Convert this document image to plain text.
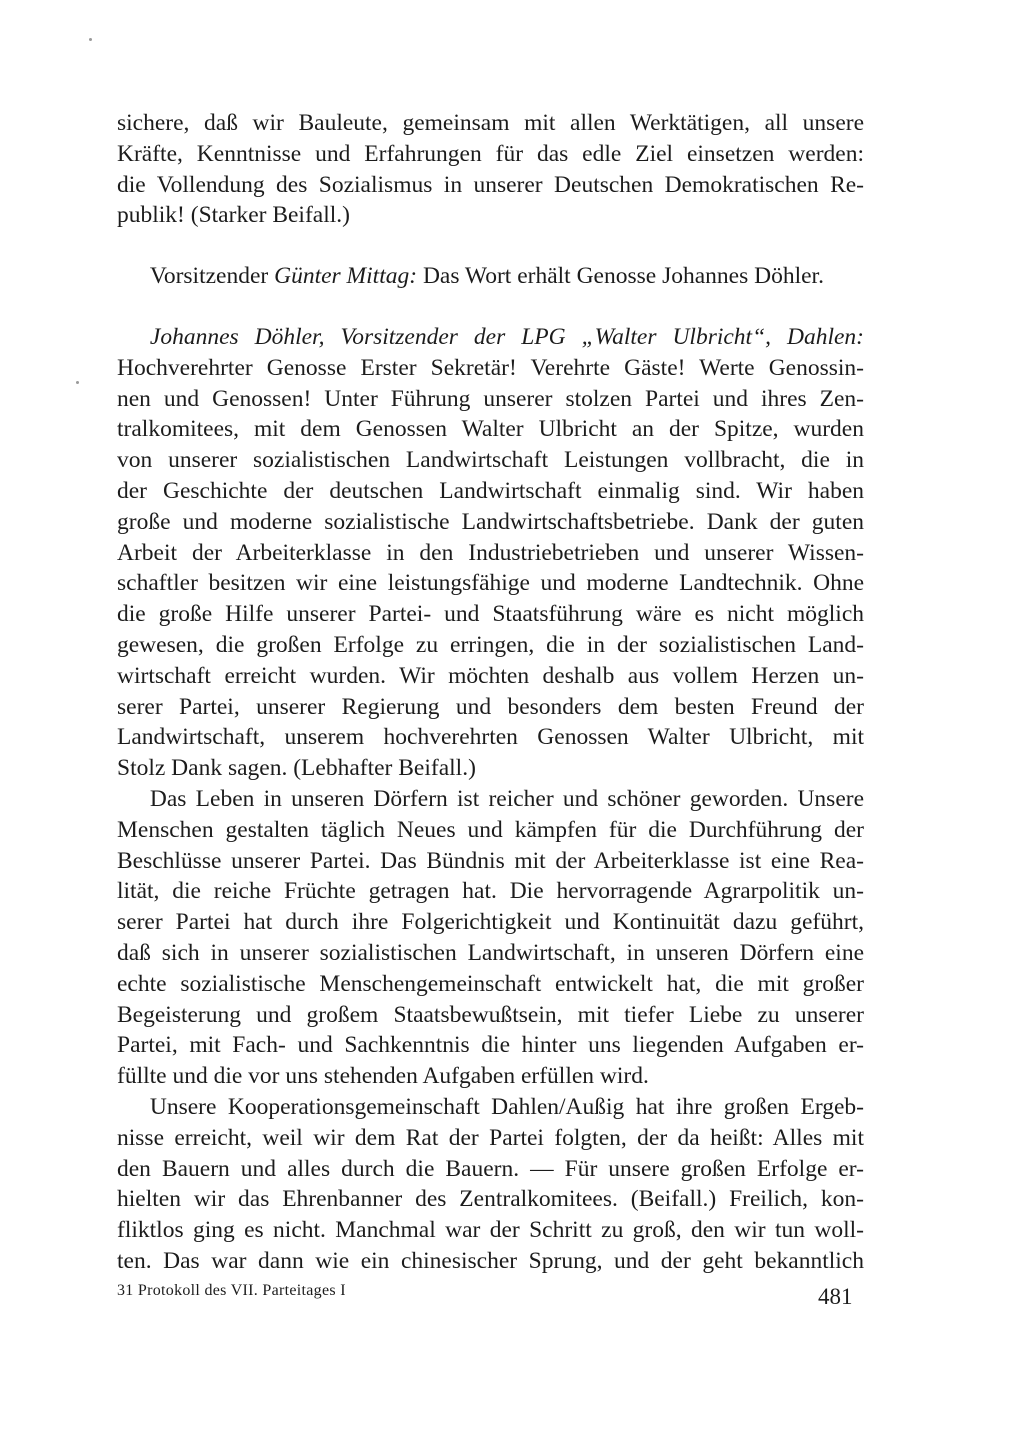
sichere, daß wir Bauleute, gemeinsam mit allen Werktätigen, all unsere
Kräfte, Kenntnisse und Erfahrungen für das edle Ziel einsetzen werden:
die Vollendung des Sozialismus in unserer Deutschen Demokratischen Re-
publik! (Starker Beifall.)
Vorsitzender Günter Mittag: Das Wort erhält Genosse Johannes Döhler.
Johannes Döhler, Vorsitzender der LPG „Walter Ulbricht“, Dahlen:
Hochverehrter Genosse Erster Sekretär! Verehrte Gäste! Werte Genossin-
nen und Genossen! Unter Führung unserer stolzen Partei und ihres Zen-
tralkomitees, mit dem Genossen Walter Ulbricht an der Spitze, wurden
von unserer sozialistischen Landwirtschaft Leistungen vollbracht, die in
der Geschichte der deutschen Landwirtschaft einmalig sind. Wir haben
große und moderne sozialistische Landwirtschaftsbetriebe. Dank der guten
Arbeit der Arbeiterklasse in den Industriebetrieben und unserer Wissen-
schaftler besitzen wir eine leistungsfähige und moderne Landtechnik. Ohne
die große Hilfe unserer Partei- und Staatsführung wäre es nicht möglich
gewesen, die großen Erfolge zu erringen, die in der sozialistischen Land-
wirtschaft erreicht wurden. Wir möchten deshalb aus vollem Herzen un-
serer Partei, unserer Regierung und besonders dem besten Freund der
Landwirtschaft, unserem hochverehrten Genossen Walter Ulbricht, mit
Stolz Dank sagen. (Lebhafter Beifall.)
Das Leben in unseren Dörfern ist reicher und schöner geworden. Unsere
Menschen gestalten täglich Neues und kämpfen für die Durchführung der
Beschlüsse unserer Partei. Das Bündnis mit der Arbeiterklasse ist eine Rea-
lität, die reiche Früchte getragen hat. Die hervorragende Agrarpolitik un-
serer Partei hat durch ihre Folgerichtigkeit und Kontinuität dazu geführt,
daß sich in unserer sozialistischen Landwirtschaft, in unseren Dörfern eine
echte sozialistische Menschengemeinschaft entwickelt hat, die mit großer
Begeisterung und großem Staatsbewußtsein, mit tiefer Liebe zu unserer
Partei, mit Fach- und Sachkenntnis die hinter uns liegenden Aufgaben er-
füllte und die vor uns stehenden Aufgaben erfüllen wird.
Unsere Kooperationsgemeinschaft Dahlen/Außig hat ihre großen Ergeb-
nisse erreicht, weil wir dem Rat der Partei folgten, der da heißt: Alles mit
den Bauern und alles durch die Bauern. — Für unsere großen Erfolge er-
hielten wir das Ehrenbanner des Zentralkomitees. (Beifall.) Freilich, kon-
fliktlos ging es nicht. Manchmal war der Schritt zu groß, den wir tun woll-
ten. Das war dann wie ein chinesischer Sprung, und der geht bekanntlich
31 Protokoll des VII. Parteitages I	481
